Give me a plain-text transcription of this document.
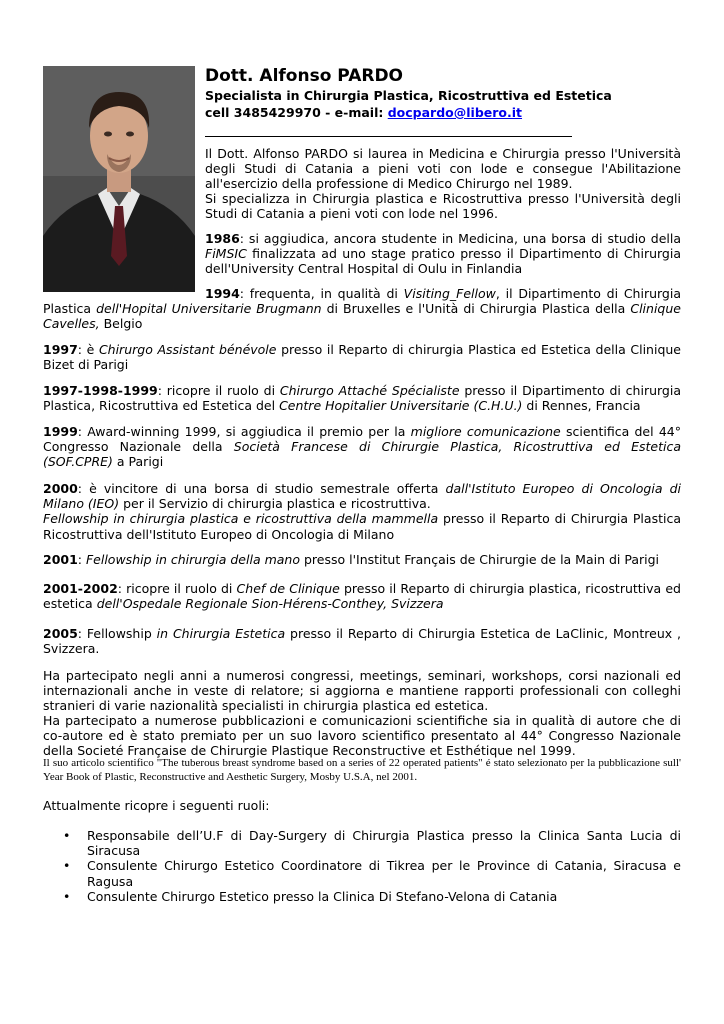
Dott. Alfonso PARDO
Specialista in Chirurgia Plastica, Ricostruttiva ed Estetica
cell 3485429970 - e-mail: docpardo@libero.it

Il Dott. Alfonso PARDO si laurea in Medicina e Chirurgia presso l'Università degli Studi di Catania a pieni voti con lode e consegue l'Abilitazione all'esercizio della professione di Medico Chirurgo nel 1989.

Si specializza in Chirurgia plastica e Ricostruttiva presso l'Università degli Studi di Catania a pieni voti con lode nel 1996.

1986: si aggiudica, ancora studente in Medicina, una borsa di studio della FiMSIC finalizzata ad uno stage pratico presso il Dipartimento di Chirurgia dell'University Central Hospital di Oulu in Finlandia

1994: frequenta, in qualità di Visiting_Fellow, il Dipartimento di Chirurgia Plastica dell'Hopital Universitarie Brugmann di Bruxelles e l'Unità di Chirurgia Plastica della Clinique Cavelles, Belgio

1997: è Chirurgo Assistant bénévole presso il Reparto di chirurgia Plastica ed Estetica della Clinique Bizet di Parigi

1997-1998-1999: ricopre il ruolo di Chirurgo Attaché Spécialiste presso il Dipartimento di chirurgia Plastica, Ricostruttiva ed Estetica del Centre Hopitalier Universitarie (C.H.U.) di Rennes, Francia

1999: Award-winning 1999, si aggiudica il premio per la migliore comunicazione scientifica del 44° Congresso Nazionale della Società Francese di Chirurgie Plastica, Ricostruttiva ed Estetica (SOF.CPRE) a Parigi

2000: è vincitore di una borsa di studio semestrale offerta dall'Istituto Europeo di Oncologia di Milano (IEO) per il Servizio di chirurgia plastica e ricostruttiva.
Fellowship in chirurgia plastica e ricostruttiva della mammella presso il Reparto di Chirurgia Plastica Ricostruttiva dell'Istituto Europeo di Oncologia di Milano

2001: Fellowship in chirurgia della mano presso l'Institut Français de Chirurgie de la Main di Parigi

2001-2002: ricopre il ruolo di Chef de Clinique presso il Reparto di chirurgia plastica, ricostruttiva ed estetica dell'Ospedale Regionale Sion-Hérens-Conthey, Svizzera

2005: Fellowship in Chirurgia Estetica presso il Reparto di Chirurgia Estetica de LaClinic, Montreux , Svizzera.

Ha partecipato negli anni a numerosi congressi, meetings, seminari, workshops, corsi nazionali ed internazionali anche in veste di relatore; si aggiorna e mantiene rapporti professionali con colleghi stranieri di varie nazionalità specialisti in chirurgia plastica ed estetica.

Ha partecipato a numerose pubblicazioni e comunicazioni scientifiche sia in qualità di autore che di co-autore ed è stato premiato per un suo lavoro scientifico presentato al 44° Congresso Nazionale della Societé Française de Chirurgie Plastique Reconstructive et Esthétique nel 1999.

Il suo articolo scientifico "The tuberous breast syndrome based on a series of 22 operated patients" é stato selezionato per la pubblicazione sull' Year Book of Plastic, Reconstructive and Aesthetic Surgery, Mosby U.S.A, nel 2001.

Attualmente ricopre i seguenti ruoli:

• Responsabile dell’U.F di Day-Surgery di Chirurgia Plastica presso la Clinica Santa Lucia di Siracusa
• Consulente Chirurgo Estetico Coordinatore di Tikrea per le Province di Catania, Siracusa e Ragusa
• Consulente Chirurgo Estetico presso la Clinica Di Stefano-Velona di Catania
